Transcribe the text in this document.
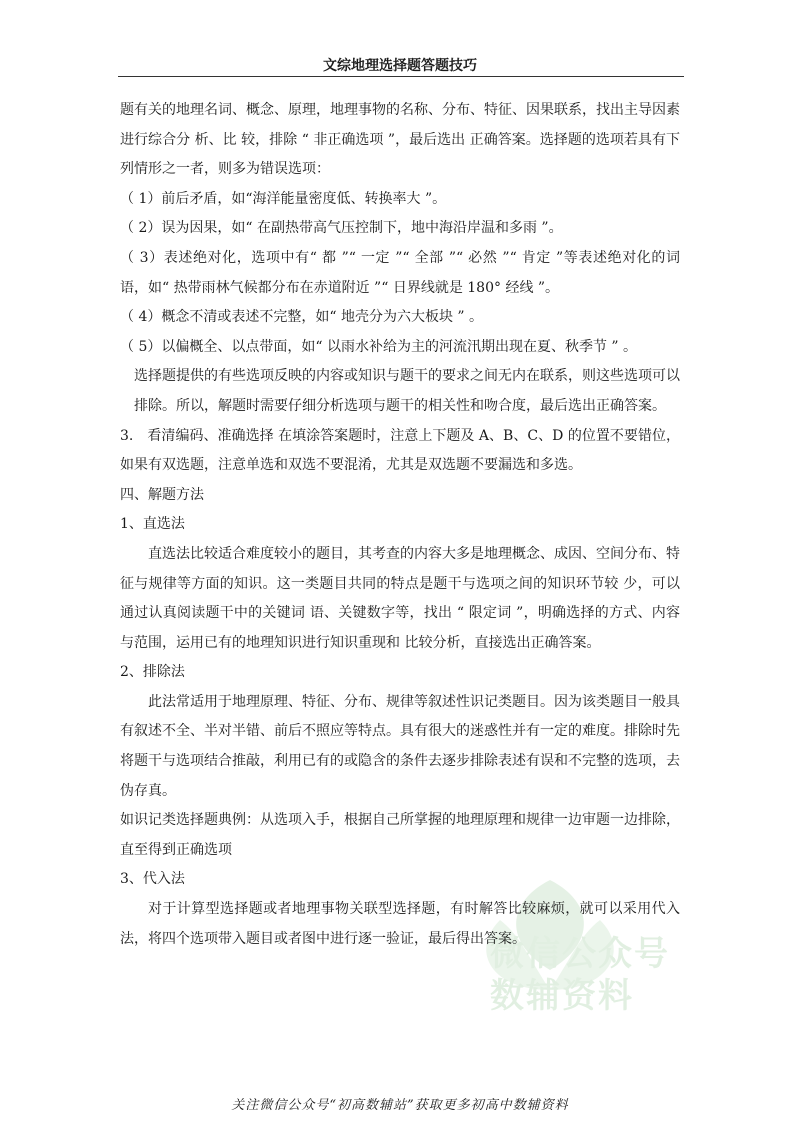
文综地理选择题答题技巧
微信公众号
数辅资料

题有关的地理名词、概念、原理，地理事物的名称、分布、特征、因果联系，找出主导因素进行综合分 析、比 较，排除 “ 非正确选项 ”，最后选出 正确答案。选择题的选项若具有下列情形之一者，则多为错误选项：

（ 1）前后矛盾，如“海洋能量密度低、转换率大 ”。

（ 2）误为因果，如“ 在副热带高气压控制下，地中海沿岸温和多雨 ”。

（ 3）表述绝对化，选项中有“ 都 ”“ 一定 ”“ 全部 ”“ 必然 ”“ 肯定 ”等表述绝对化的词语，如“ 热带雨林气候都分布在赤道附近 ”“ 日界线就是 180° 经线 ”。

（ 4）概念不清或表述不完整，如“ 地壳分为六大板块 ” 。

（ 5）以偏概全、以点带面，如“ 以雨水补给为主的河流汛期出现在夏、秋季节 ” 。

选择题提供的有些选项反映的内容或知识与题干的要求之间无内在联系，则这些选项可以排除。所以，解题时需要仔细分析选项与题干的相关性和吻合度，最后选出正确答案。

3.　看清编码、准确选择 在填涂答案题时，注意上下题及 A、B、C、D 的位置不要错位，如果有双选题，注意单选和双选不要混淆，尤其是双选题不要漏选和多选。

四、解题方法

1、直选法

直选法比较适合难度较小的题目，其考查的内容大多是地理概念、成因、空间分布、特征与规律等方面的知识。这一类题目共同的特点是题干与选项之间的知识环节较 少，可以通过认真阅读题干中的关键词 语、关键数字等，找出 “ 限定词 ”，明确选择的方式、内容与范围，运用已有的地理知识进行知识重现和 比较分析，直接选出正确答案。

2、排除法

此法常适用于地理原理、特征、分布、规律等叙述性识记类题目。因为该类题目一般具有叙述不全、半对半错、前后不照应等特点。具有很大的迷惑性并有一定的难度。排除时先将题干与选项结合推敲，利用已有的或隐含的条件去逐步排除表述有误和不完整的选项，去伪存真。

如识记类选择题典例：从选项入手，根据自己所掌握的地理原理和规律一边审题一边排除，直至得到正确选项

3、代入法

对于计算型选择题或者地理事物关联型选择题，有时解答比较麻烦，就可以采用代入法，将四个选项带入题目或者图中进行逐一验证，最后得出答案。

关注微信公众号“初高数辅站”获取更多初高中数辅资料
